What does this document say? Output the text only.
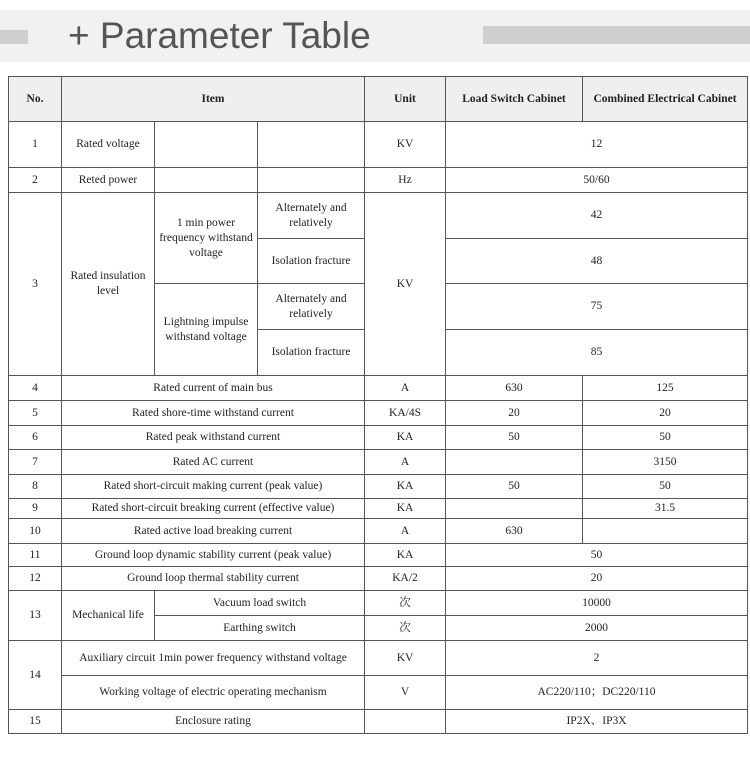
+ Parameter Table
No.	Item			Unit	Load Switch Cabinet	Combined Electrical Cabinet
1	Rated voltage			KV	12	
2	Reted power			Hz	50/60	
3	Rated insulation level	1 min power frequency withstand voltage	Alternately and relatively	KV	42	
			Isolation fracture		48	
		Lightning impulse withstand voltage	Alternately and relatively		75	
			Isolation fracture		85	
4	Rated current of main bus			A	630	125
5	Rated shore-time withstand current			KA/4S	20	20
6	Rated peak withstand current			KA	50	50
7	Rated AC current			A		3150
8	Rated short-circuit making current (peak value)			KA	50	50
9	Rated short-circuit breaking current (effective value)			KA		31.5
10	Rated active load breaking current			A	630	
11	Ground loop dynamic stability current (peak value)			KA	50	
12	Ground loop thermal stability current			KA/2	20	
13	Mechanical life	Vacuum load switch		次	10000	
		Earthing switch		次	2000	
14	Auxiliary circuit 1min power frequency withstand voltage			KV	2	
	Working voltage of electric operating mechanism			V	AC220/110；DC220/110	
15	Enclosure rating				IP2X、IP3X	
